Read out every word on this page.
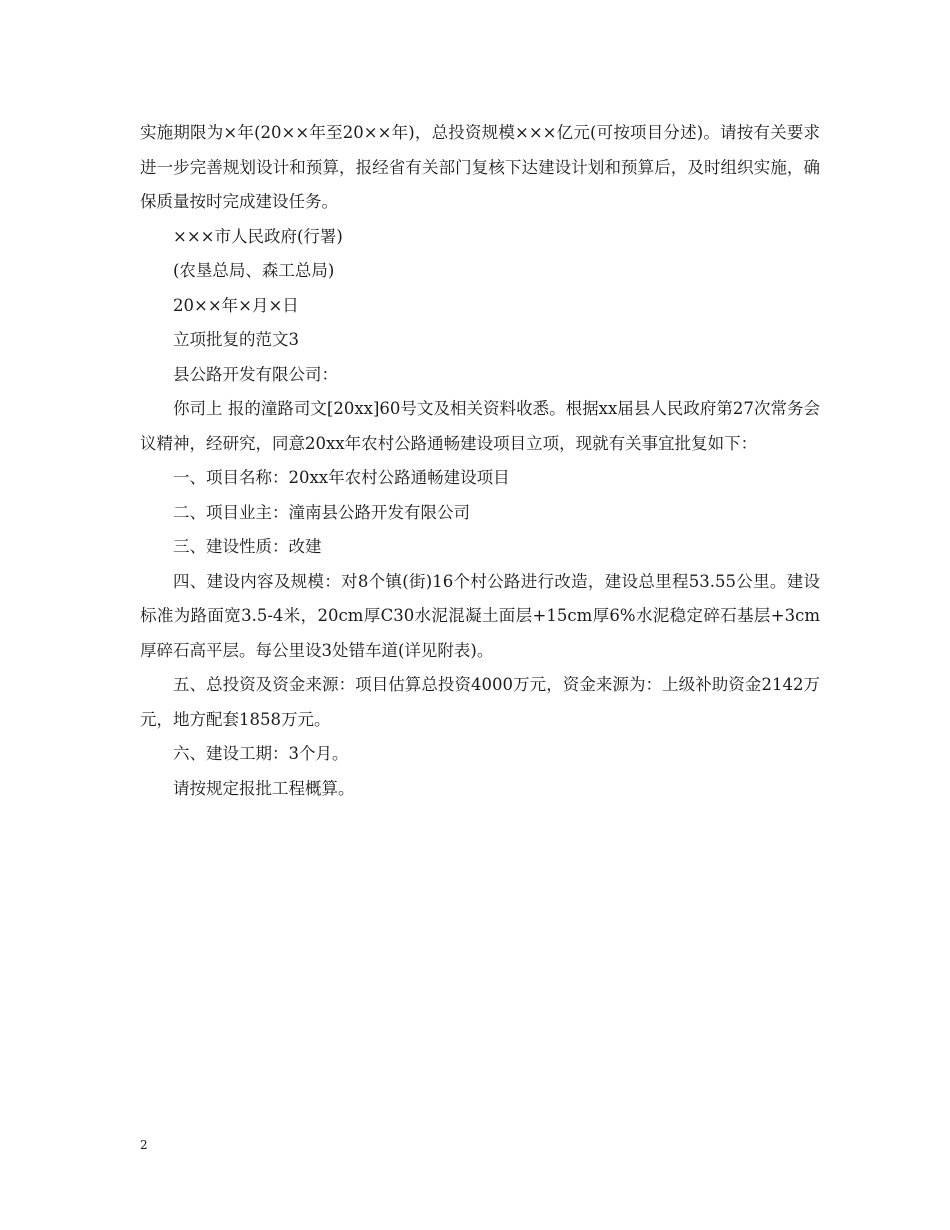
实施期限为×年(20××年至20××年)，总投资规模×××亿元(可按项目分述)。请按有关要求进一步完善规划设计和预算，报经省有关部门复核下达建设计划和预算后，及时组织实施，确保质量按时完成建设任务。

×××市人民政府(行署)

(农垦总局、森工总局)

20××年×月×日

立项批复的范文3

县公路开发有限公司：

你司上 报的潼路司文[20xx]60号文及相关资料收悉。根据xx届县人民政府第27次常务会议精神，经研究，同意20xx年农村公路通畅建设项目立项，现就有关事宜批复如下：

一、项目名称：20xx年农村公路通畅建设项目

二、项目业主：潼南县公路开发有限公司

三、建设性质：改建

四、建设内容及规模：对8个镇(街)16个村公路进行改造，建设总里程53.55公里。建设标准为路面宽3.5-4米，20cm厚C30水泥混凝土面层+15cm厚6%水泥稳定碎石基层+3cm厚碎石高平层。每公里设3处错车道(详见附表)。

五、总投资及资金来源：项目估算总投资4000万元，资金来源为：上级补助资金2142万元，地方配套1858万元。

六、建设工期：3个月。

请按规定报批工程概算。

2
